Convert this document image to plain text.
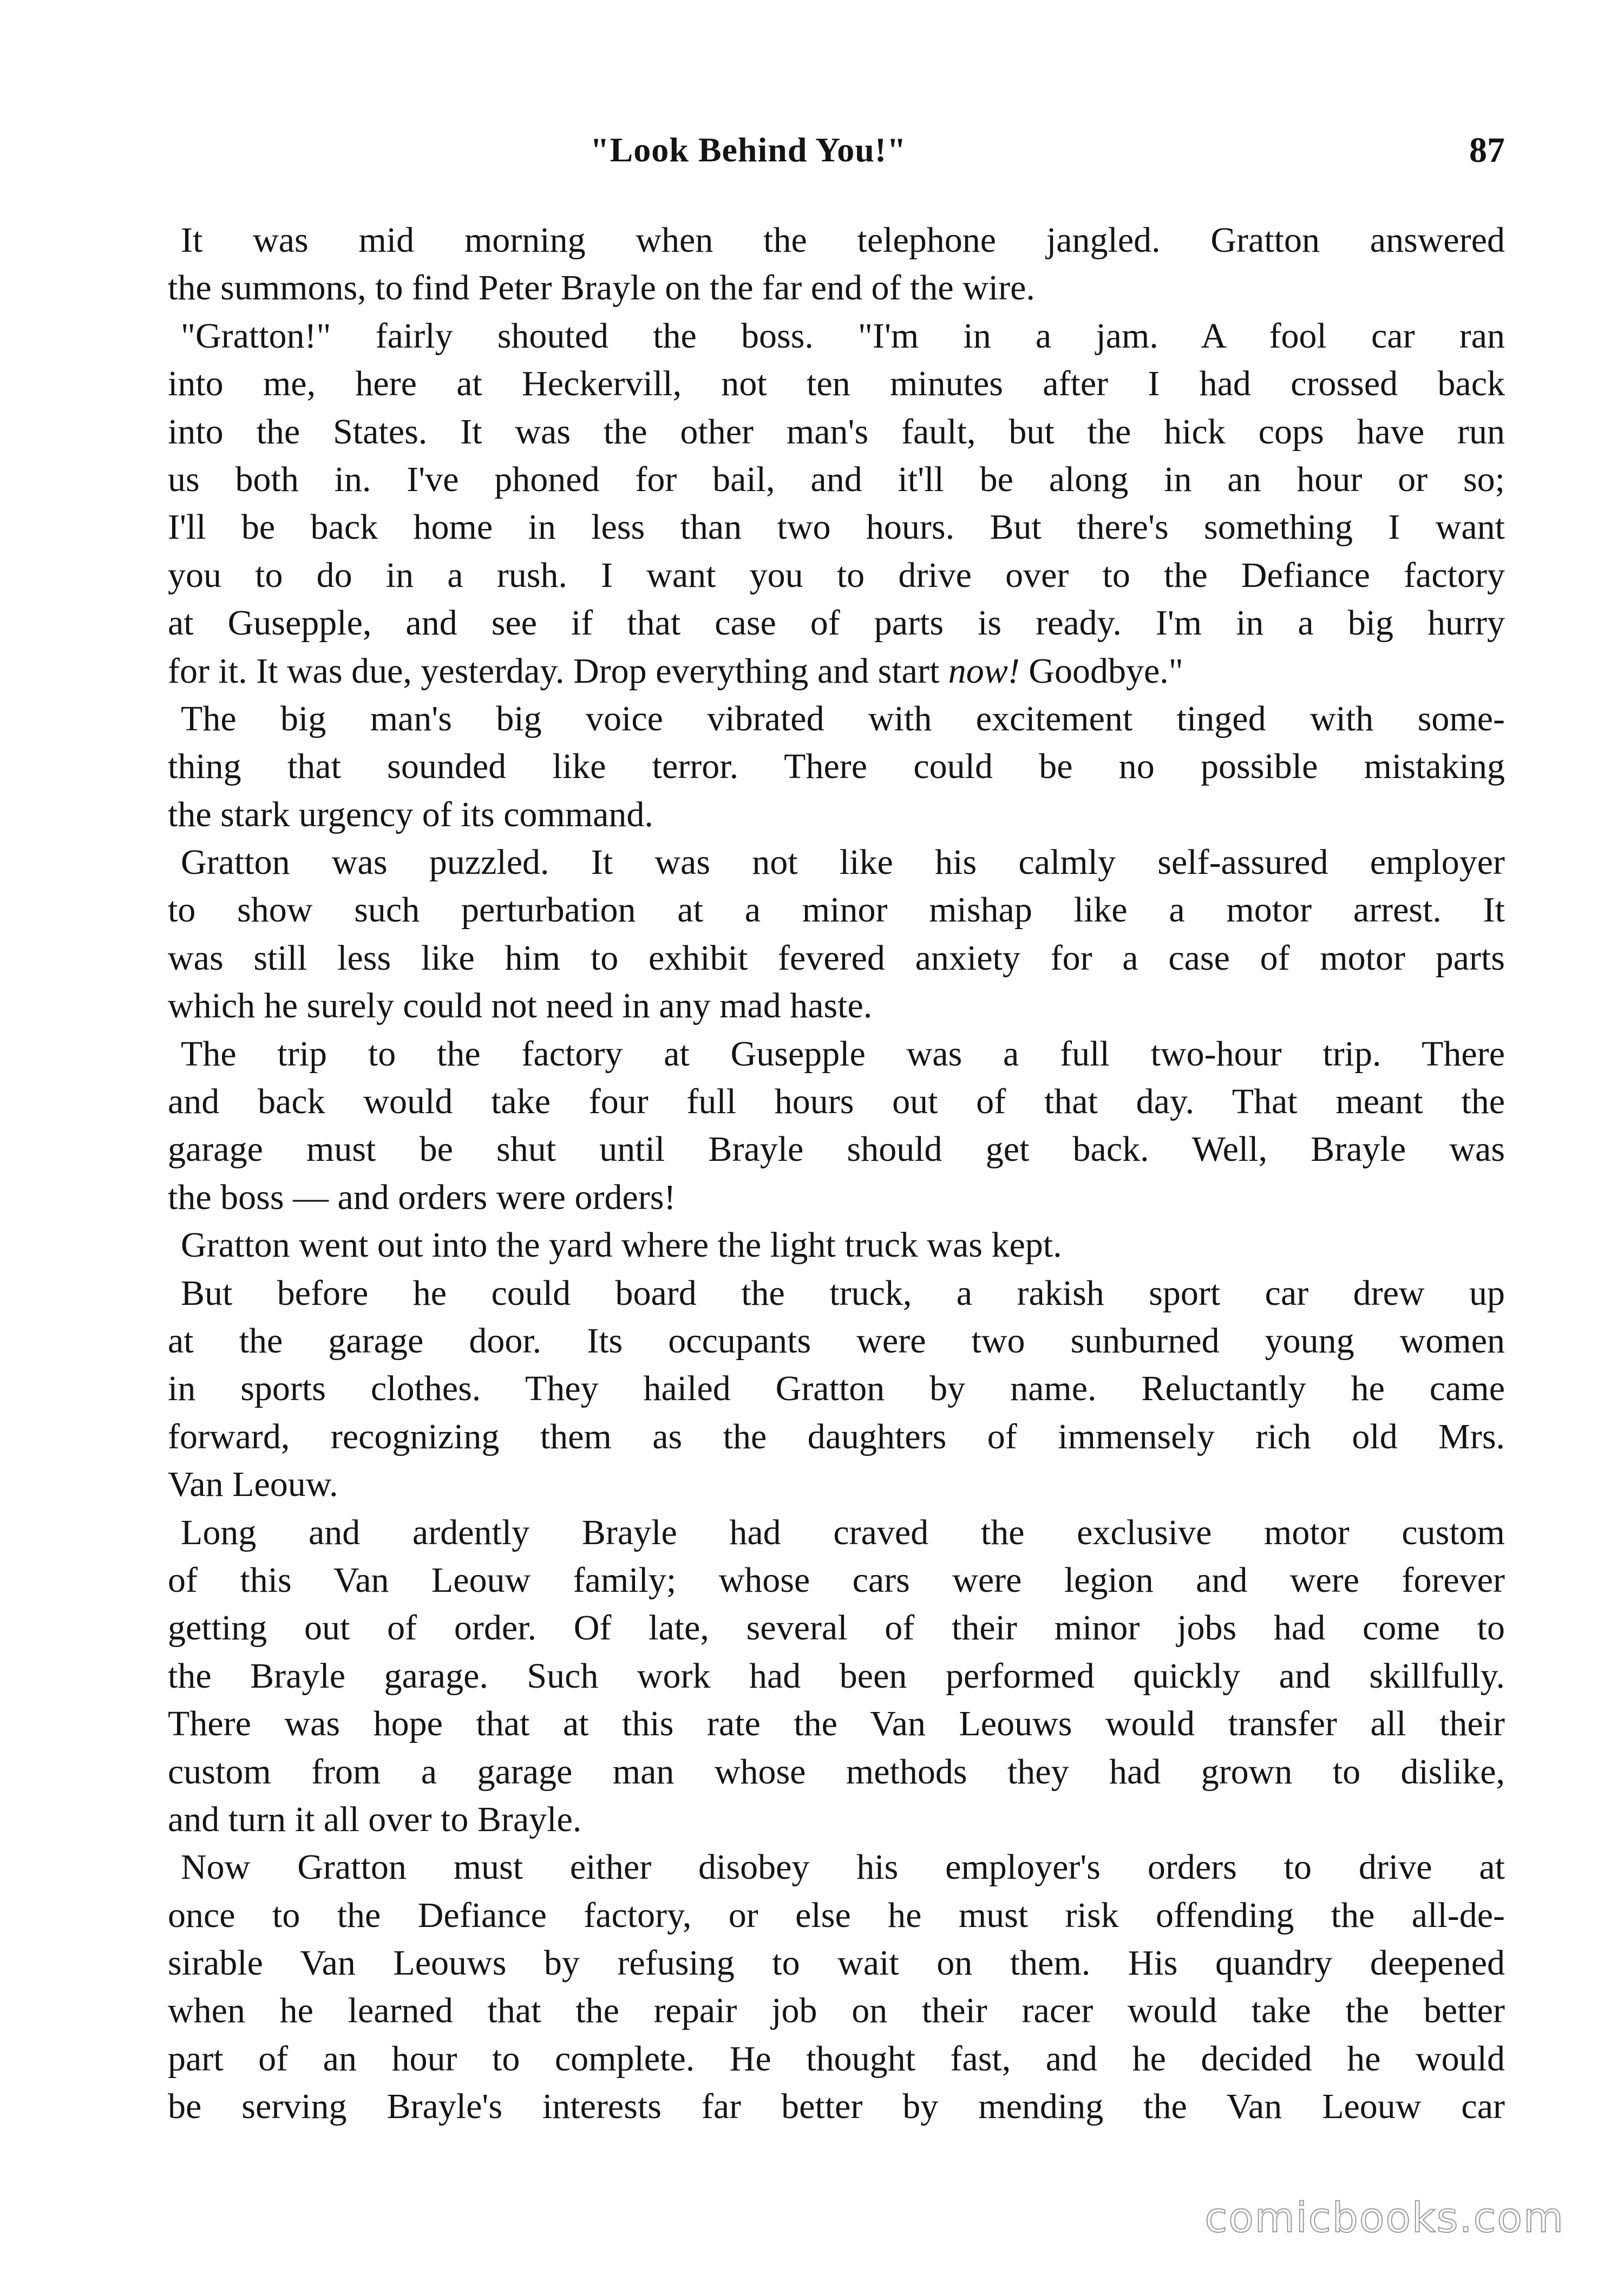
"Look Behind You!"	87
It was mid morning when the telephone jangled. Gratton answered
the summons, to find Peter Brayle on the far end of the wire.
"Gratton!" fairly shouted the boss. "I'm in a jam. A fool car ran
into me, here at Heckervill, not ten minutes after I had crossed back
into the States. It was the other man's fault, but the hick cops have run
us both in. I've phoned for bail, and it'll be along in an hour or so;
I'll be back home in less than two hours. But there's something I want
you to do in a rush. I want you to drive over to the Defiance factory
at Gusepple, and see if that case of parts is ready. I'm in a big hurry
for it. It was due, yesterday. Drop everything and start now! Goodbye."
The big man's big voice vibrated with excitement tinged with some-
thing that sounded like terror. There could be no possible mistaking
the stark urgency of its command.
Gratton was puzzled. It was not like his calmly self-assured employer
to show such perturbation at a minor mishap like a motor arrest. It
was still less like him to exhibit fevered anxiety for a case of motor parts
which he surely could not need in any mad haste.
The trip to the factory at Gusepple was a full two-hour trip. There
and back would take four full hours out of that day. That meant the
garage must be shut until Brayle should get back. Well, Brayle was
the boss — and orders were orders!
Gratton went out into the yard where the light truck was kept.
But before he could board the truck, a rakish sport car drew up
at the garage door. Its occupants were two sunburned young women
in sports clothes. They hailed Gratton by name. Reluctantly he came
forward, recognizing them as the daughters of immensely rich old Mrs.
Van Leouw.
Long and ardently Brayle had craved the exclusive motor custom
of this Van Leouw family; whose cars were legion and were forever
getting out of order. Of late, several of their minor jobs had come to
the Brayle garage. Such work had been performed quickly and skillfully.
There was hope that at this rate the Van Leouws would transfer all their
custom from a garage man whose methods they had grown to dislike,
and turn it all over to Brayle.
Now Gratton must either disobey his employer's orders to drive at
once to the Defiance factory, or else he must risk offending the all-de-
sirable Van Leouws by refusing to wait on them. His quandry deepened
when he learned that the repair job on their racer would take the better
part of an hour to complete. He thought fast, and he decided he would
be serving Brayle's interests far better by mending the Van Leouw car
comicbooks.com
